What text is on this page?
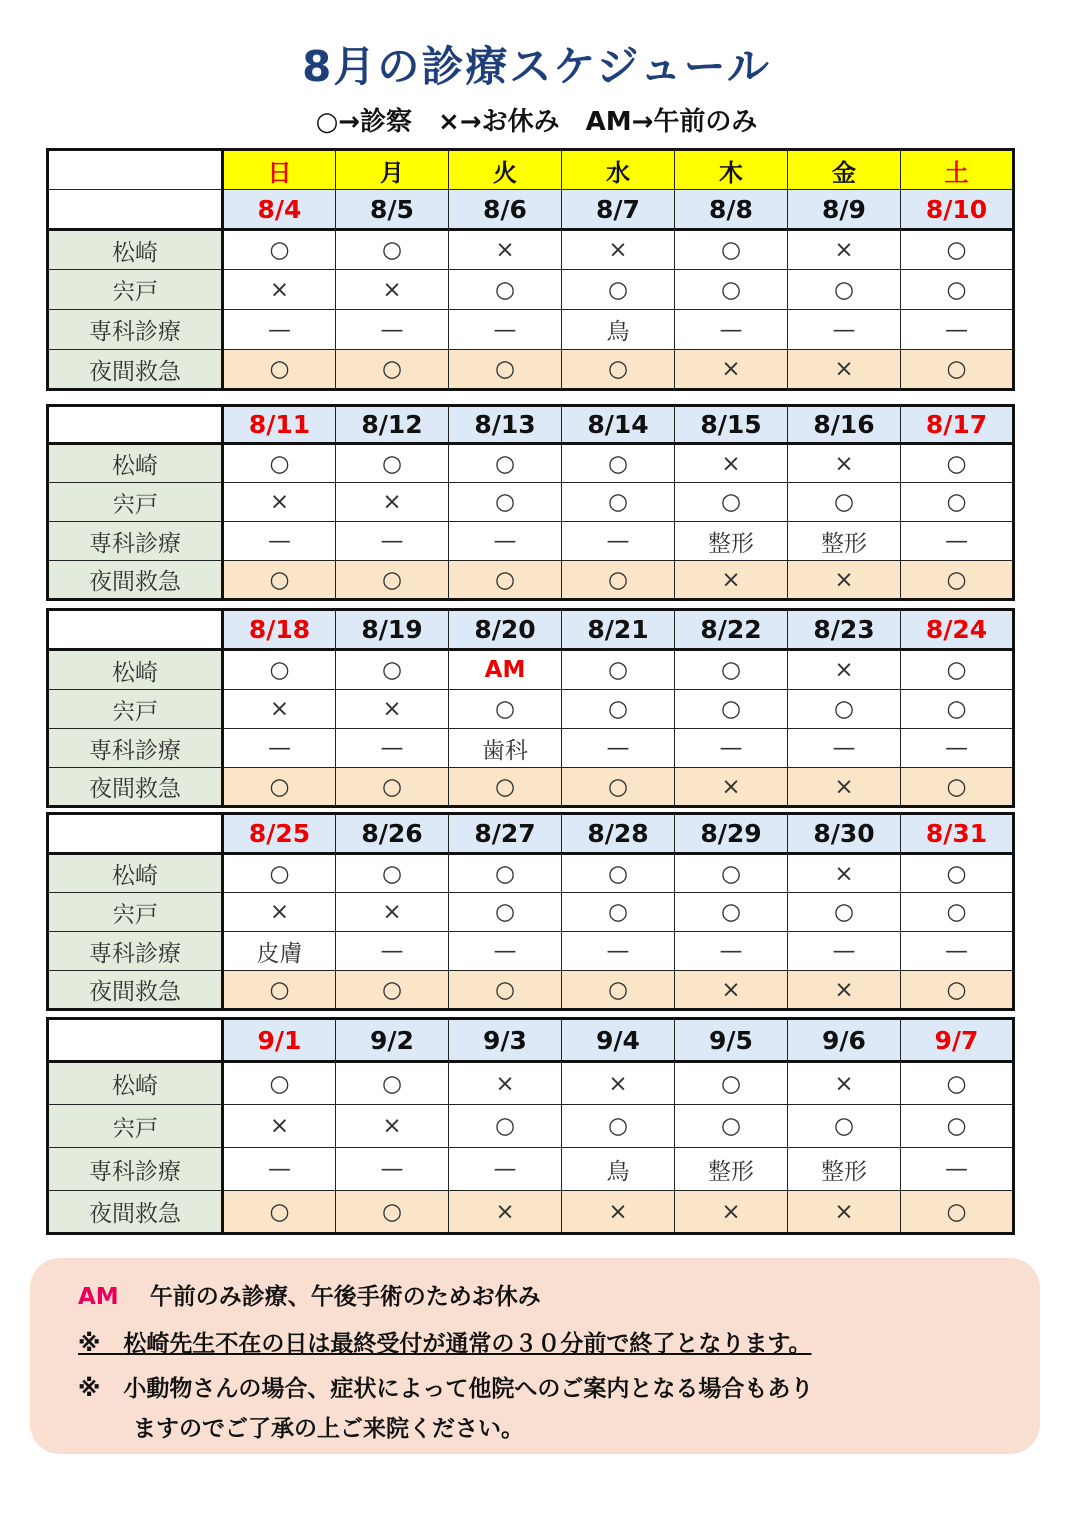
8月の診療スケジュール
○→診察　×→お休み　AM→午前のみ
	日	月	火	水	木	金	土
	8/4	8/5	8/6	8/7	8/8	8/9	8/10
松崎	○	○	×	×	○	×	○
宍戸	×	×	○	○	○	○	○
専科診療	—	—	—	鳥	—	—	—
夜間救急	○	○	○	○	×	×	○
	8/11	8/12	8/13	8/14	8/15	8/16	8/17
松崎	○	○	○	○	×	×	○
宍戸	×	×	○	○	○	○	○
専科診療	—	—	—	—	整形	整形	—
夜間救急	○	○	○	○	×	×	○
	8/18	8/19	8/20	8/21	8/22	8/23	8/24
松崎	○	○	AM	○	○	×	○
宍戸	×	×	○	○	○	○	○
専科診療	—	—	歯科	—	—	—	—
夜間救急	○	○	○	○	×	×	○
	8/25	8/26	8/27	8/28	8/29	8/30	8/31
松崎	○	○	○	○	○	×	○
宍戸	×	×	○	○	○	○	○
専科診療	皮膚	—	—	—	—	—	—
夜間救急	○	○	○	○	×	×	○
	9/1	9/2	9/3	9/4	9/5	9/6	9/7
松崎	○	○	×	×	○	×	○
宍戸	×	×	○	○	○	○	○
専科診療	—	—	—	鳥	整形	整形	—
夜間救急	○	○	×	×	×	×	○
AM　 午前のみ診療、午後手術のためお休み
※　松崎先生不在の日は最終受付が通常の３０分前で終了となります。
※　小動物さんの場合、症状によって他院へのご案内となる場合もあり
ますのでご了承の上ご来院ください。
